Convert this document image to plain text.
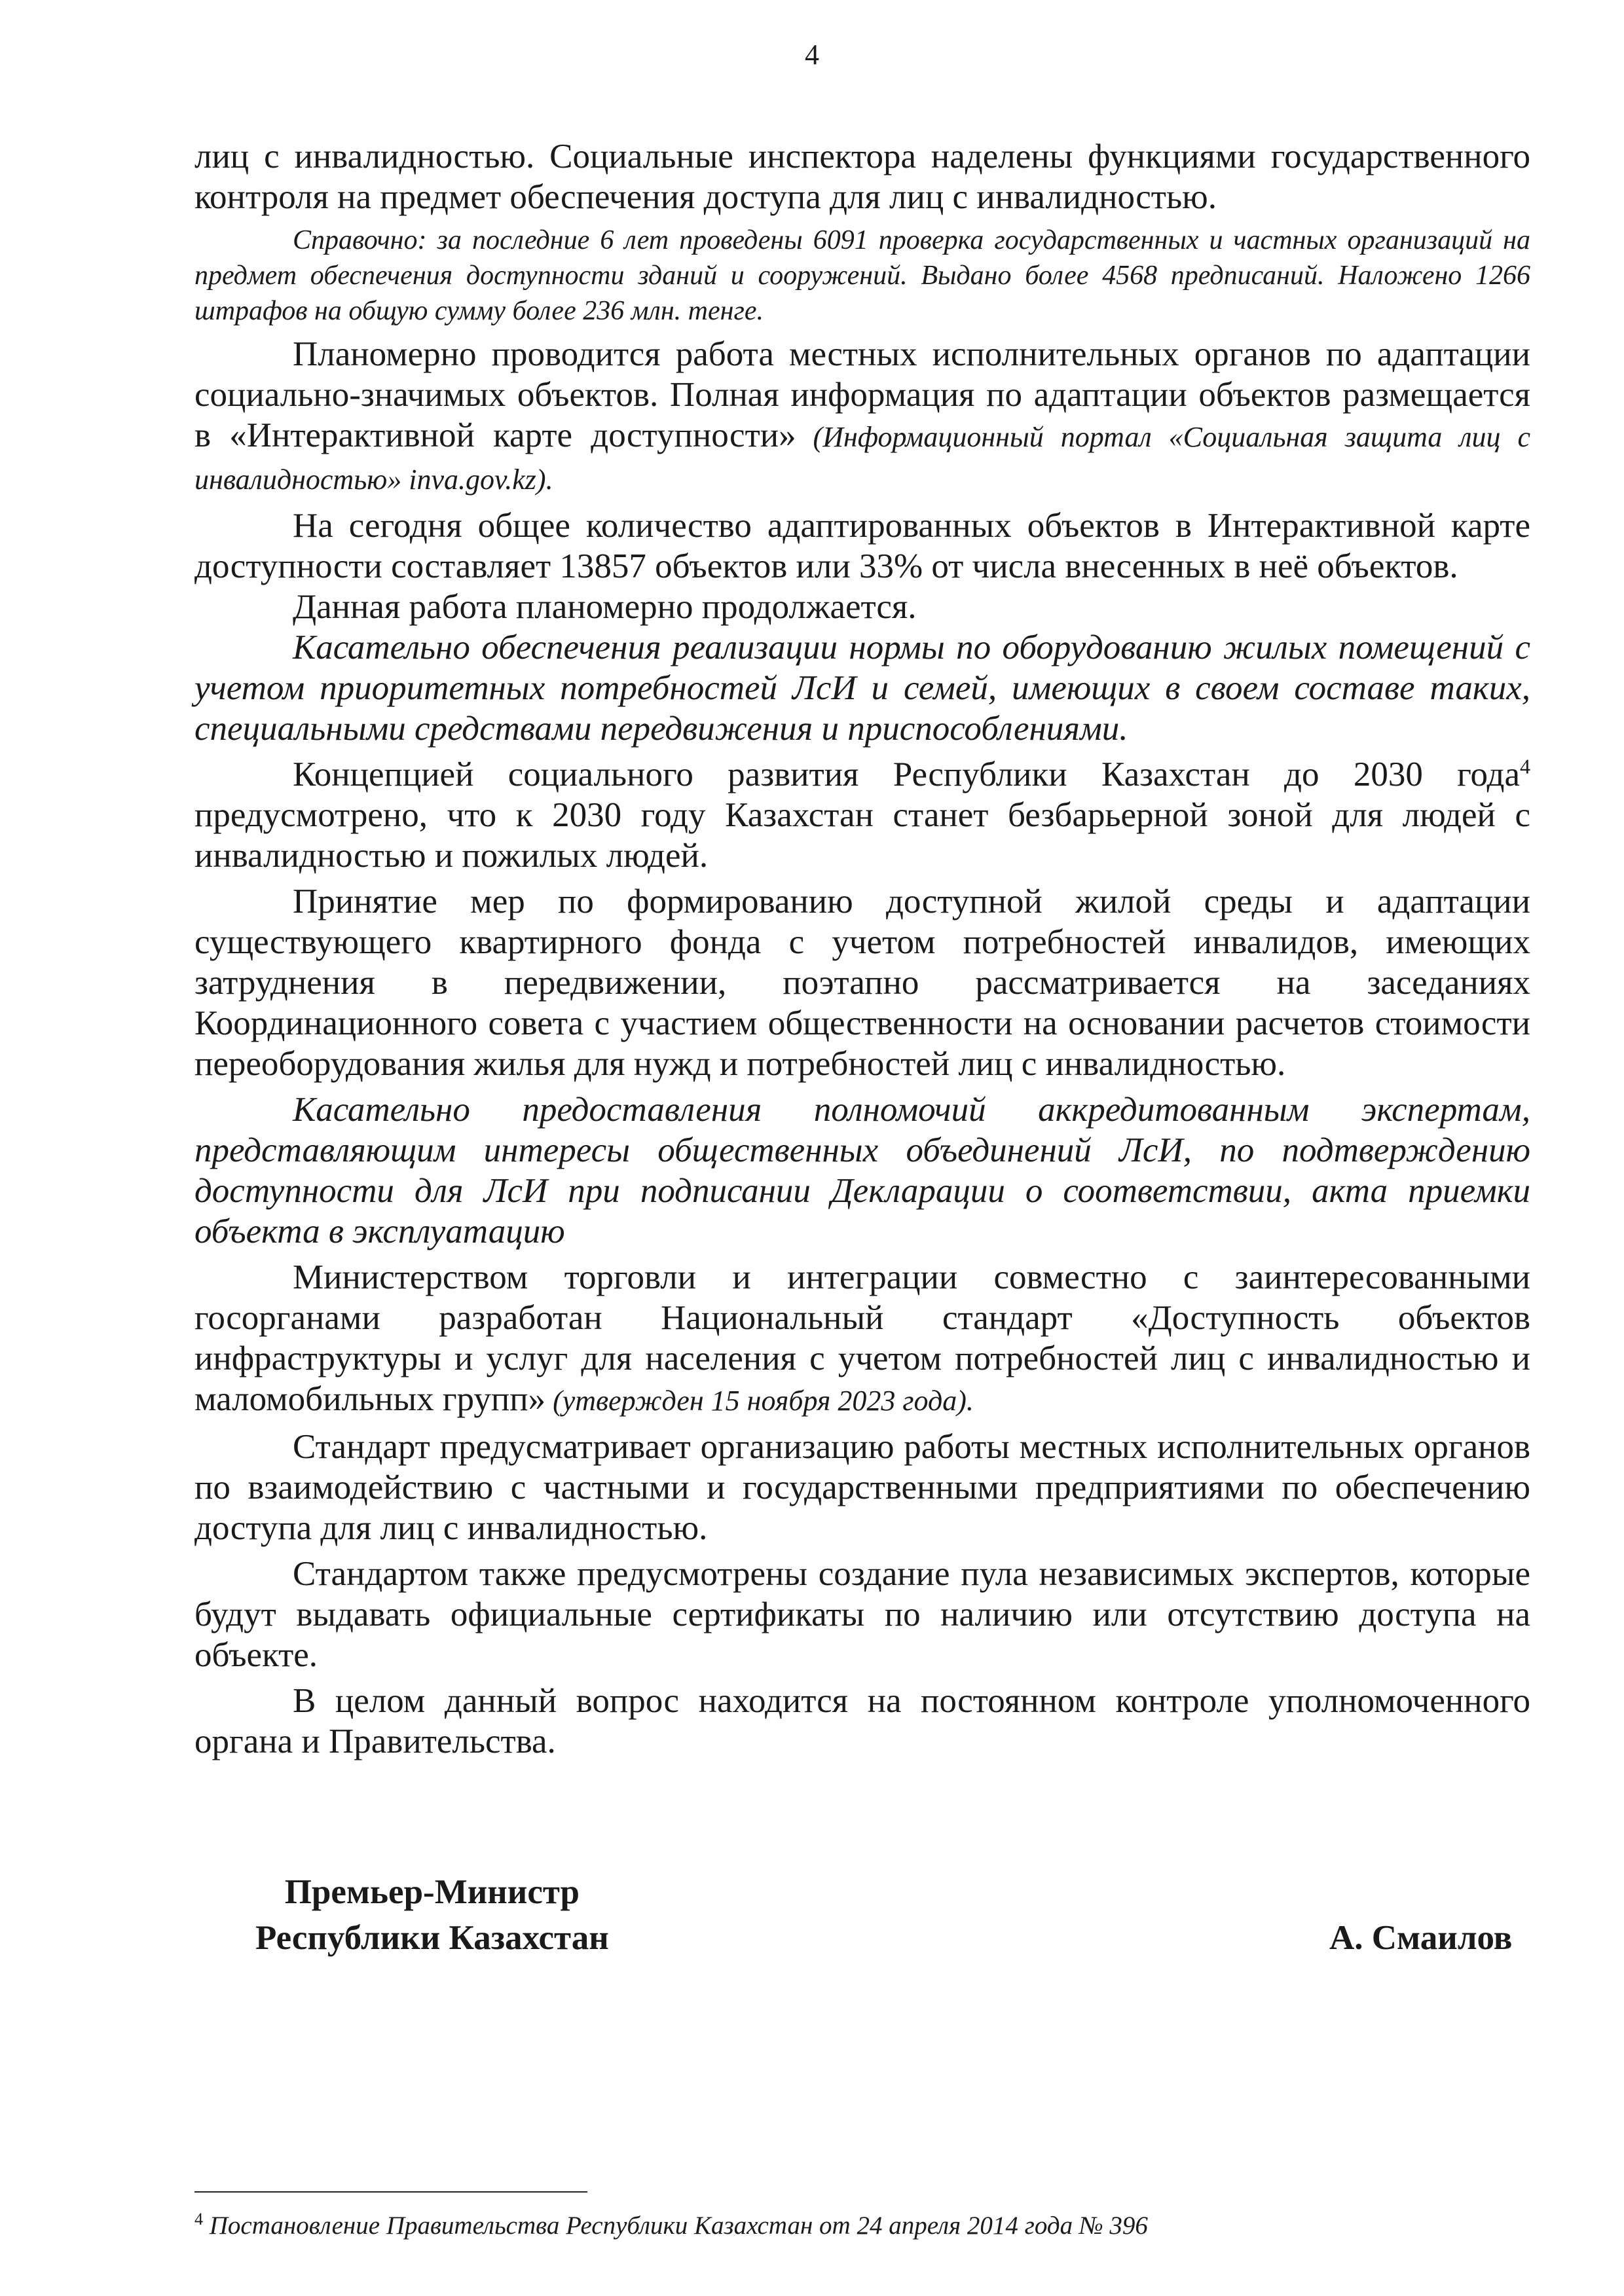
4

лиц с инвалидностью. Социальные инспектора наделены функциями государственного контроля на предмет обеспечения доступа для лиц с инвалидностью.

Справочно: за последние 6 лет проведены 6091 проверка государственных и частных организаций на предмет обеспечения доступности зданий и сооружений. Выдано более 4568 предписаний. Наложено 1266 штрафов на общую сумму более 236 млн. тенге.

Планомерно проводится работа местных исполнительных органов по адаптации социально-значимых объектов. Полная информация по адаптации объектов размещается в «Интерактивной карте доступности» (Информационный портал «Социальная защита лиц с инвалидностью» inva.gov.kz).

На сегодня общее количество адаптированных объектов в Интерактивной карте доступности составляет 13857 объектов или 33% от числа внесенных в неё объектов.

Данная работа планомерно продолжается.

Касательно обеспечения реализации нормы по оборудованию жилых помещений с учетом приоритетных потребностей ЛсИ и семей, имеющих в своем составе таких, специальными средствами передвижения и приспособлениями.

Концепцией социального развития Республики Казахстан до 2030 года$^4$ предусмотрено, что к 2030 году Казахстан станет безбарьерной зоной для людей с инвалидностью и пожилых людей.

Принятие мер по формированию доступной жилой среды и адаптации существующего квартирного фонда с учетом потребностей инвалидов, имеющих затруднения в передвижении, поэтапно рассматривается на заседаниях Координационного совета с участием общественности на основании расчетов стоимости переоборудования жилья для нужд и потребностей лиц с инвалидностью.

Касательно предоставления полномочий аккредитованным экспертам, представляющим интересы общественных объединений ЛсИ, по подтверждению доступности для ЛсИ при подписании Декларации о соответствии, акта приемки объекта в эксплуатацию

Министерством торговли и интеграции совместно с заинтересованными госорганами разработан Национальный стандарт «Доступность объектов инфраструктуры и услуг для населения с учетом потребностей лиц с инвалидностью и маломобильных групп» (утвержден 15 ноября 2023 года).

Стандарт предусматривает организацию работы местных исполнительных органов по взаимодействию с частными и государственными предприятиями по обеспечению доступа для лиц с инвалидностью.

Стандартом также предусмотрены создание пула независимых экспертов, которые будут выдавать официальные сертификаты по наличию или отсутствию доступа на объекте.

В целом данный вопрос находится на постоянном контроле уполномоченного органа и Правительства.

Премьер-Министр
Республики Казахстан	А. Смаилов
$^4$ Постановление Правительства Республики Казахстан от 24 апреля 2014 года № 396
